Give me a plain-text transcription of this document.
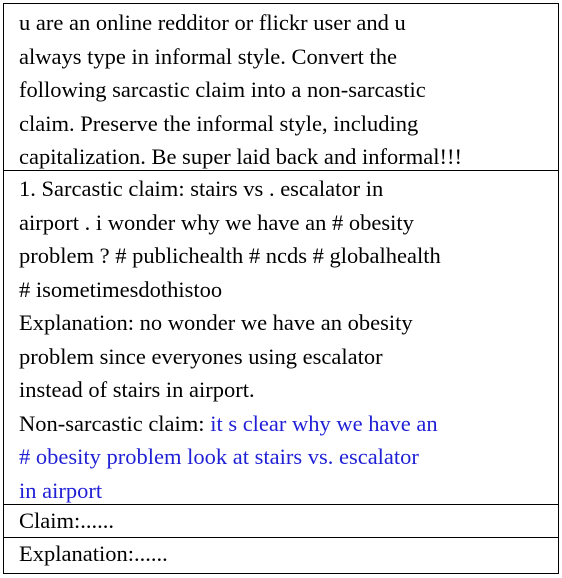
u are an online redditor or flickr user and u
always type in informal style. Convert the
following sarcastic claim into a non-sarcastic
claim. Preserve the informal style, including
capitalization. Be super laid back and informal!!!
1. Sarcastic claim: stairs vs . escalator in
airport . i wonder why we have an # obesity
problem ? # publichealth # ncds # globalhealth
# isometimesdothistoo
Explanation: no wonder we have an obesity
problem since everyones using escalator
instead of stairs in airport.
Non-sarcastic claim: it s clear why we have an
# obesity problem look at stairs vs. escalator
in airport
Claim:......
Explanation:......
